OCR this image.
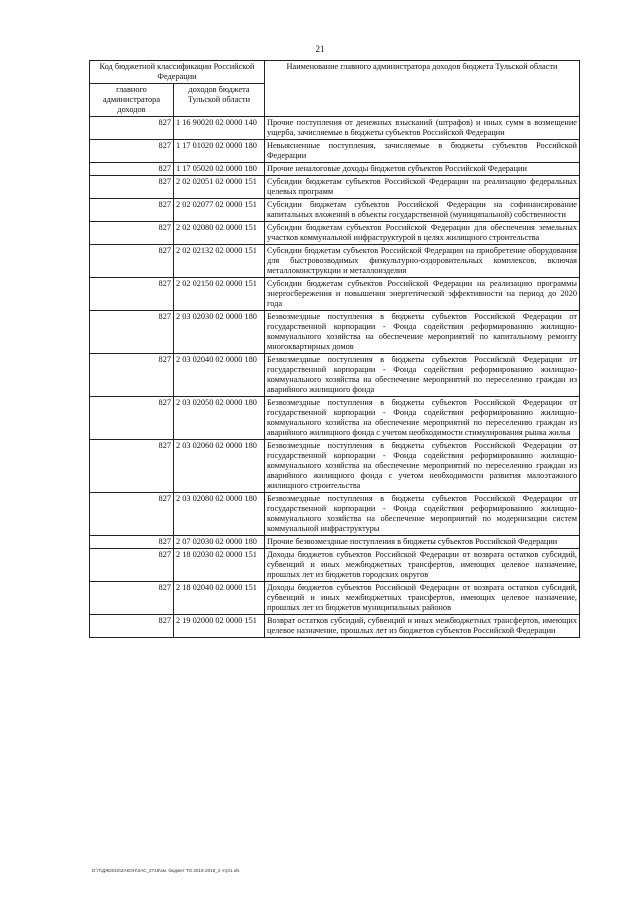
21
Код бюджетной классификации Российской Федерации		Наименование главного администратора доходов бюджета Тульской области
главного администратора доходов	доходов бюджета Тульской области	
827	1 16 90020 02 0000 140	Прочие поступления от денежных взысканий (штрафов) и иных сумм в возмещение ущерба, зачисляемые в бюджеты субъектов Российской Федерации
827	1 17 01020 02 0000 180	Невыясненные поступления, зачисляемые в бюджеты субъектов Российской Федерации
827	1 17 05020 02 0000 180	Прочие неналоговые доходы бюджетов субъектов Российской Федерации
827	2 02 02051 02 0000 151	Субсидии бюджетам субъектов Российской Федерации на реализацию федеральных целевых программ
827	2 02 02077 02 0000 151	Субсидии бюджетам субъектов Российской Федерации на софинансирование капитальных вложений в объекты государственной (муниципальной) собственности
827	2 02 02080 02 0000 151	Субсидии бюджетам субъектов Российской Федерации для обеспечения земельных участков коммунальной инфраструктурой в целях жилищного строительства
827	2 02 02132 02 0000 151	Субсидии бюджетам субъектов Российской Федерации на приобретение оборудования для быстровозводимых физкультурно-оздоровительных комплексов, включая металлоконструкции и металлоизделия
827	2 02 02150 02 0000 151	Субсидии бюджетам субъектов Российской Федерации на реализацию программы энергосбережения и повышения энергетической эффективности на период до 2020 года
827	2 03 02030 02 0000 180	Безвозмездные поступления в бюджеты субъектов Российской Федерации от государственной корпорации - Фонда содействия реформированию жилищно-коммунального хозяйства на обеспечение мероприятий по капитальному ремонту многоквартирных домов
827	2 03 02040 02 0000 180	Безвозмездные поступления в бюджеты субъектов Российской Федерации от государственной корпорации - Фонда содействия реформированию жилищно-коммунального хозяйства на обеспечение мероприятий по переселению граждан из аварийного жилищного фонда
827	2 03 02050 02 0000 180	Безвозмездные поступления в бюджеты субъектов Российской Федерации от государственной корпорации - Фонда содействия реформированию жилищно-коммунального хозяйства на обеспечение мероприятий по переселению граждан из аварийного жилищного фонда с учетом необходимости стимулирования рынка жилья
827	2 03 02060 02 0000 180	Безвозмездные поступления в бюджеты субъектов Российской Федерации от государственной корпорации - Фонда содействия реформированию жилищно-коммунального хозяйства на обеспечение мероприятий по переселению граждан из аварийного жилищного фонда с учетом необходимости развития малоэтажного жилищного строительства
827	2 03 02080 02 0000 180	Безвозмездные поступления в бюджеты субъектов Российской Федерации от государственной корпорации - Фонда содействия реформированию жилищно-коммунального хозяйства на обеспечение мероприятий по модернизации систем коммунальной инфраструктуры
827	2 07 02030 02 0000 180	Прочие безвозмездные поступления в бюджеты субъектов Российской Федерации
827	2 18 02030 02 0000 151	Доходы бюджетов субъектов Российской Федерации от возврата остатков субсидий, субвенций и иных межбюджетных трансфертов, имеющих целевое назначение, прошлых лет из бюджетов городских округов
827	2 18 02040 02 0000 151	Доходы бюджетов субъектов Российской Федерации от возврата остатков субсидий, субвенций и иных межбюджетных трансфертов, имеющих целевое назначение, прошлых лет из бюджетов муниципальных районов
827	2 19 02000 02 0000 151	Возврат остатков субсидий, субвенций и иных межбюджетных трансфертов, имеющих целевое назначение, прошлых лет из бюджетов субъектов Российской Федерации
D:\Т\ДЖ2016\ЗАКОН\ЗАС_2716\зм. бюджет ТО 2016-2018_2 чтр\1.xls
